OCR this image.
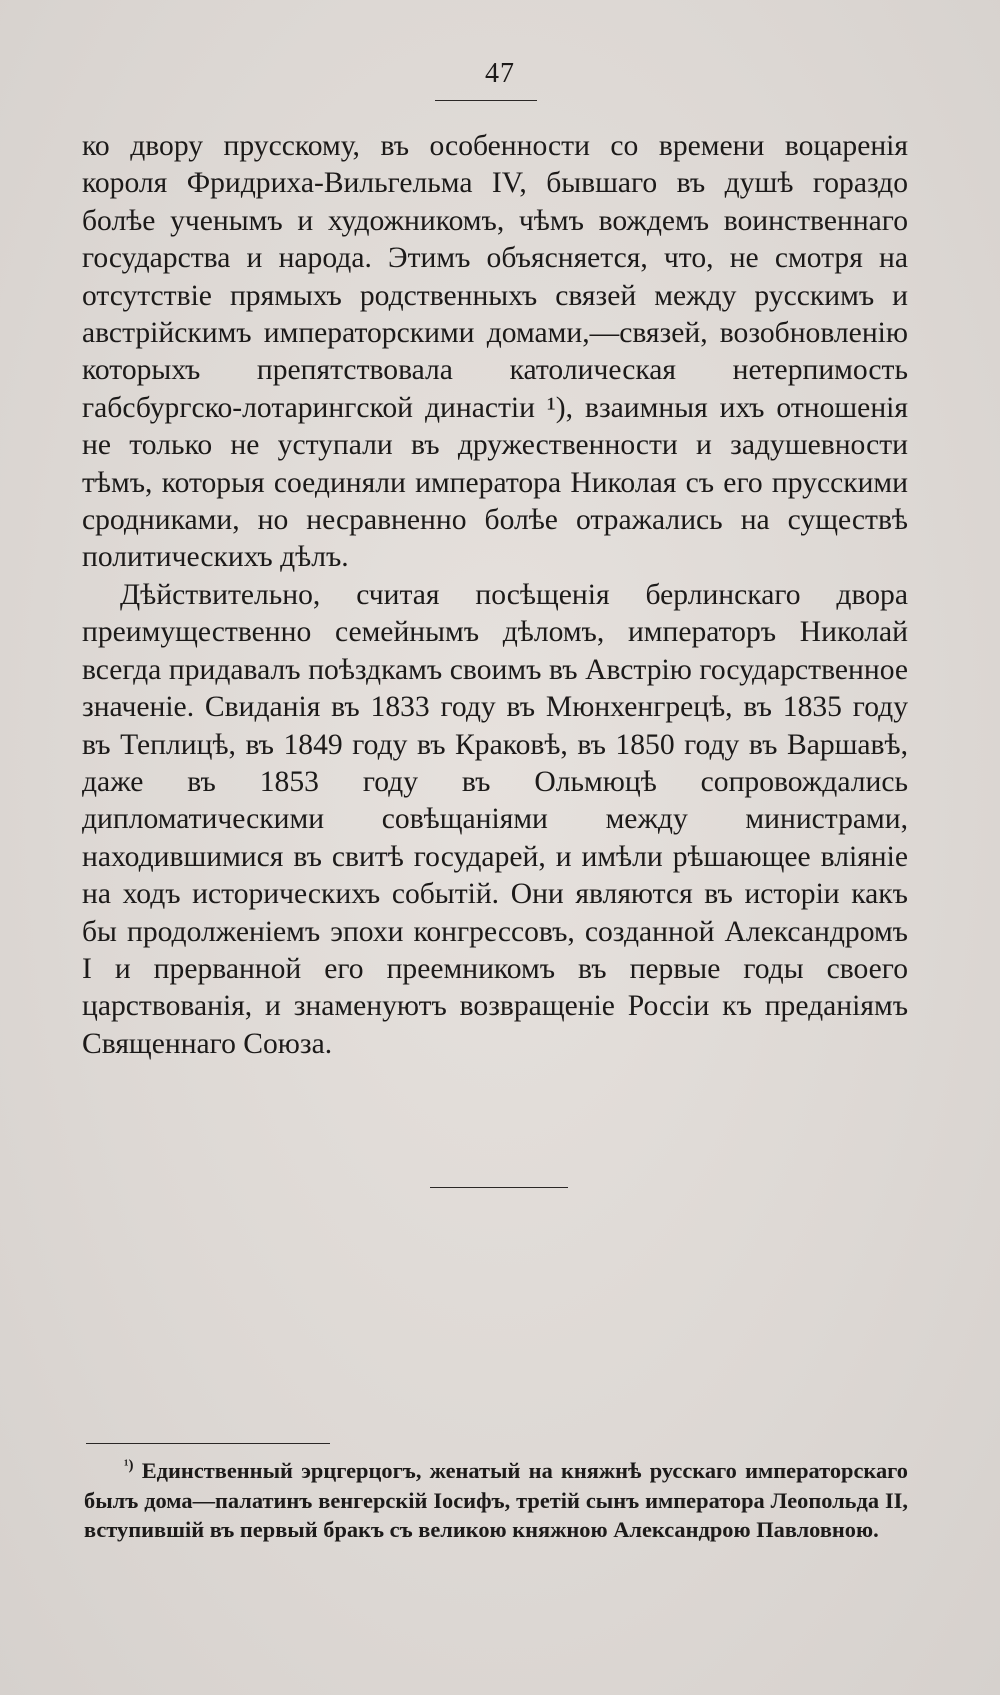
47

ко двору прусскому, въ особенности со времени воцаренія короля Фридриха-Вильгельма IV, бывшаго въ душѣ гораздо болѣе ученымъ и художникомъ, чѣмъ вождемъ воинственнаго государства и народа. Этимъ объясняется, что, не смотря на отсутствіе прямыхъ родственныхъ связей между русскимъ и австрійскимъ императорскими домами,—связей, возобновленію которыхъ препятствовала католическая нетерпимость габсбургско-лотарингской династіи ¹), взаимныя ихъ отношенія не только не уступали въ дружественности и задушевности тѣмъ, которыя соединяли императора Николая съ его прусскими сродниками, но несравненно болѣе отражались на существѣ политическихъ дѣлъ.

Дѣйствительно, считая посѣщенія берлинскаго двора преимущественно семейнымъ дѣломъ, императоръ Николай всегда придавалъ поѣздкамъ своимъ въ Австрію государственное значеніе. Свиданія въ 1833 году въ Мюнхенгрецѣ, въ 1835 году въ Теплицѣ, въ 1849 году въ Краковѣ, въ 1850 году въ Варшавѣ, даже въ 1853 году въ Ольмюцѣ сопровождались дипломатическими совѣщаніями между министрами, находившимися въ свитѣ государей, и имѣли рѣшающее вліяніе на ходъ историческихъ событій. Они являются въ исторіи какъ бы продолженіемъ эпохи конгрессовъ, созданной Александромъ I и прерванной его преемникомъ въ первые годы своего царствованія, и знаменуютъ возвращеніе Россіи къ преданіямъ Священнаго Союза.

$^{^1)}$ Единственный эрцгерцогъ, женатый на княжнѣ русскаго императорскаго былъ дома—палатинъ венгерскій Іосифъ, третій сынъ императора Леопольда II, вступившій въ первый бракъ съ великою княжною Александрою Павловною.
